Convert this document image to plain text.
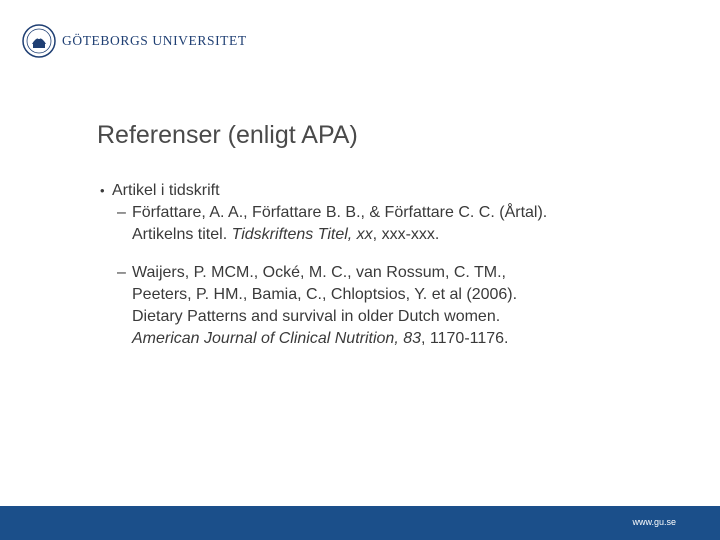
GÖTEBORGS UNIVERSITET
Referenser (enligt APA)
• Artikel i tidskrift
– Författare, A. A., Författare B. B., & Författare C. C. (Årtal).
Artikelns titel. Tidskriftens Titel, xx, xxx-xxx.
– Waijers, P. MCM., Ocké, M. C., van Rossum, C. TM.,
Peeters, P. HM., Bamia, C., Chloptsios, Y. et al (2006).
Dietary Patterns and survival in older Dutch women.
American Journal of Clinical Nutrition, 83, 1170-1176.
www.gu.se
